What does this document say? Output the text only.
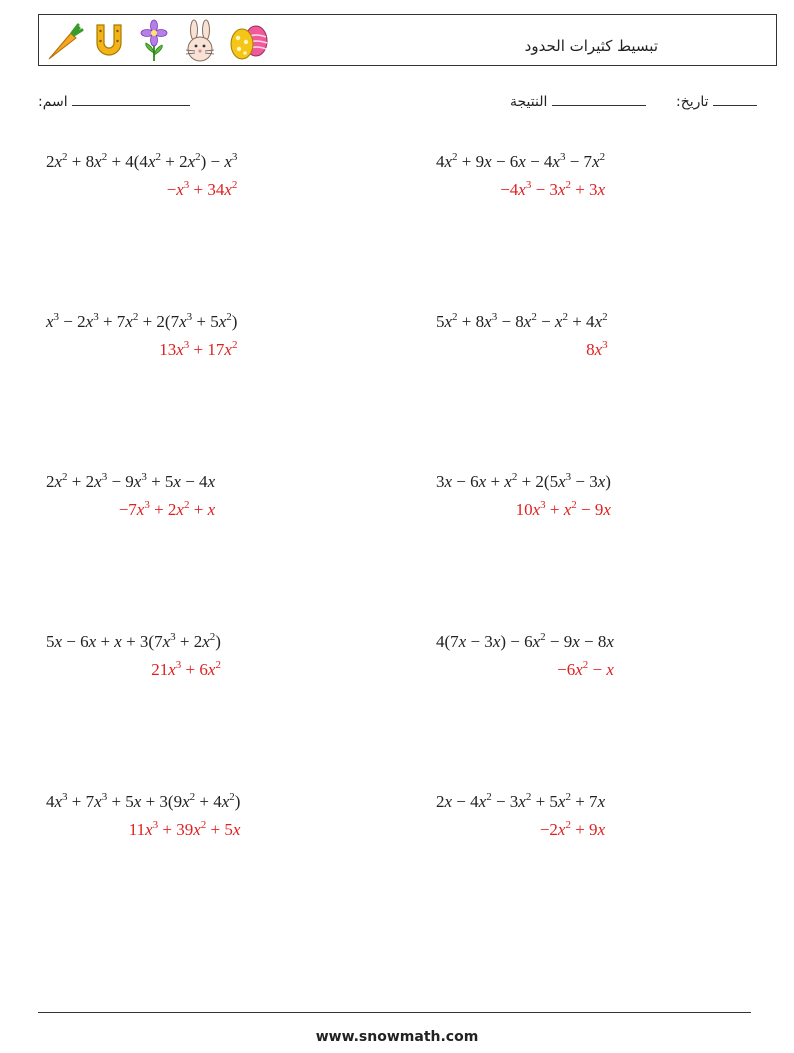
تبسيط كثيرات الحدود
:اسم	النتيجة	:تاريخ
$2x^2 + 8x^2 + 4(4x^2 + 2x^2) - x^3$
$-x^3 + 34x^2$
$4x^2 + 9x - 6x - 4x^3 - 7x^2$
$-4x^3 - 3x^2 + 3x$
$x^3 - 2x^3 + 7x^2 + 2(7x^3 + 5x^2)$
$13x^3 + 17x^2$
$5x^2 + 8x^3 - 8x^2 - x^2 + 4x^2$
$8x^3$
$2x^2 + 2x^3 - 9x^3 + 5x - 4x$
$-7x^3 + 2x^2 + x$
$3x - 6x + x^2 + 2(5x^3 - 3x)$
$10x^3 + x^2 - 9x$
$5x - 6x + x + 3(7x^3 + 2x^2)$
$21x^3 + 6x^2$
$4(7x - 3x) - 6x^2 - 9x - 8x$
$-6x^2 - x$
$4x^3 + 7x^3 + 5x + 3(9x^2 + 4x^2)$
$11x^3 + 39x^2 + 5x$
$2x - 4x^2 - 3x^2 + 5x^2 + 7x$
$-2x^2 + 9x$
www.snowmath.com
